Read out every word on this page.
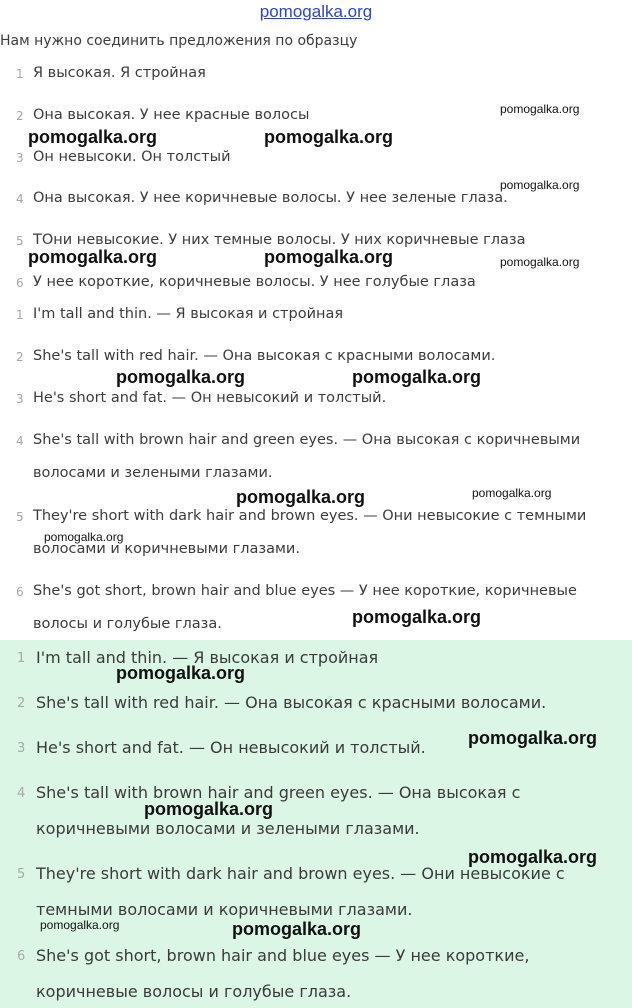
pomogalka.org
Нам нужно соединить предложения по образцу
1 Я высокая. Я стройная
2 Она высокая. У нее красные волосы
3 Он невысоки. Он толстый
4 Она высокая. У нее коричневые волосы. У нее зеленые глаза.
5 ТОни невысокие. У них темные волосы. У них коричневые глаза
6 У нее короткие, коричневые волосы. У нее голубые глаза
1 I'm tall and thin. — Я высокая и стройная
2 She's tall with red hair. — Она высокая с красными волосами.
3 He's short and fat. — Он невысокий и толстый.
4 She's tall with brown hair and green eyes. — Она высокая с коричневыми
волосами и зелеными глазами.
5 They're short with dark hair and brown eyes. — Они невысокие с темными
волосами и коричневыми глазами.
6 She's got short, brown hair and blue eyes — У нее короткие, коричневые
волосы и голубые глаза.
1 I'm tall and thin. — Я высокая и стройная
2 She's tall with red hair. — Она высокая с красными волосами.
3 He's short and fat. — Он невысокий и толстый.
4 She's tall with brown hair and green eyes. — Она высокая с
коричневыми волосами и зелеными глазами.
5 They're short with dark hair and brown eyes. — Они невысокие с
темными волосами и коричневыми глазами.
6 She's got short, brown hair and blue eyes — У нее короткие,
коричневые волосы и голубые глаза.
pomogalka.org
pomogalka.org	pomogalka.org
pomogalka.org
pomogalka.org	pomogalka.org	pomogalka.org
pomogalka.org	pomogalka.org
pomogalka.org	pomogalka.org
pomogalka.org
pomogalka.org
pomogalka.org
pomogalka.org
pomogalka.org
pomogalka.org
pomogalka.org	pomogalka.org
